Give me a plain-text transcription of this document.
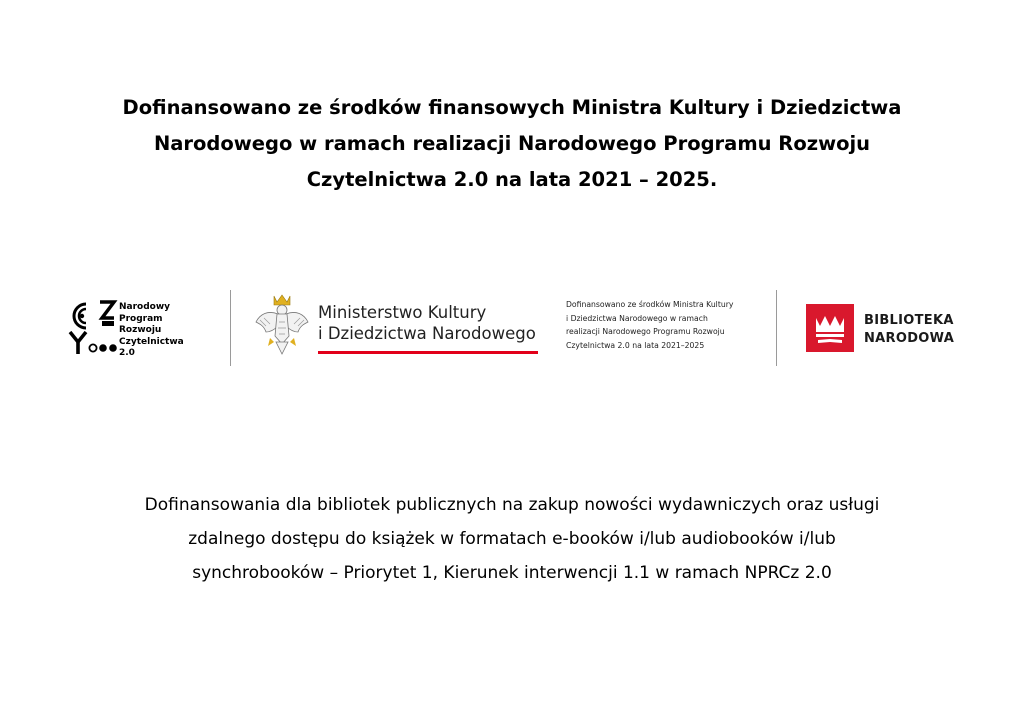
Dofinansowano ze środków finansowych Ministra Kultury i Dziedzictwa
Narodowego w ramach realizacji Narodowego Programu Rozwoju
Czytelnictwa 2.0 na lata 2021 – 2025.
Narodowy
Program
Rozwoju
Czytelnictwa
2.0
Ministerstwo Kultury
i Dziedzictwa Narodowego
Dofinansowano ze środków Ministra Kultury
i Dziedzictwa Narodowego w ramach
realizacji Narodowego Programu Rozwoju
Czytelnictwa 2.0 na lata 2021–2025
BIBLIOTEKA
NARODOWA
Dofinansowania dla bibliotek publicznych na zakup nowości wydawniczych oraz usługi
zdalnego dostępu do książek w formatach e-booków i/lub audiobooków i/lub
synchrobooków – Priorytet 1, Kierunek interwencji 1.1 w ramach NPRCz 2.0
